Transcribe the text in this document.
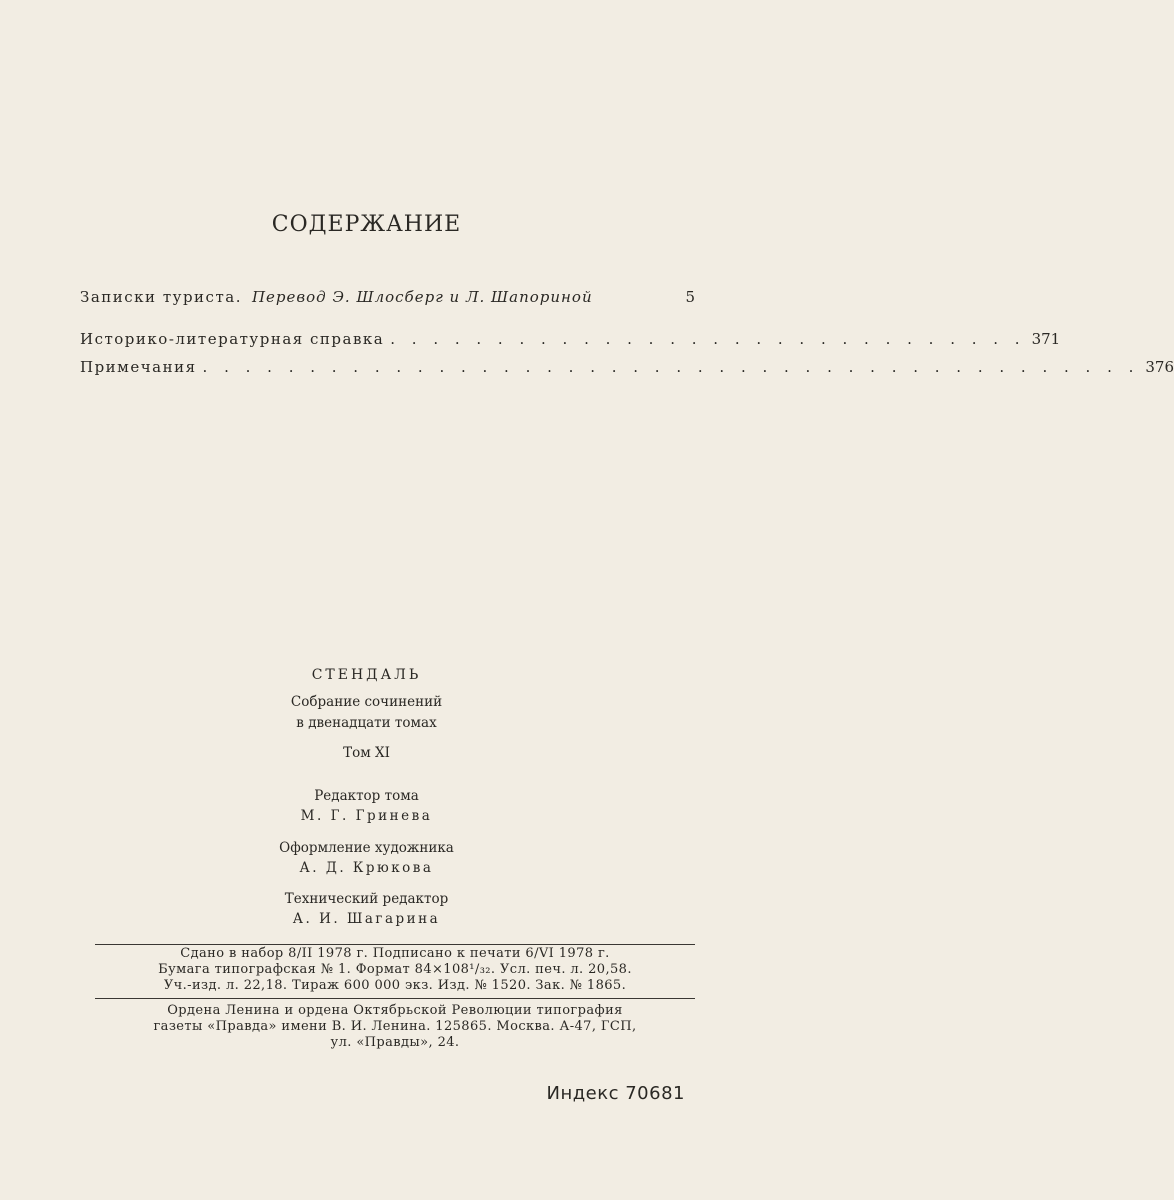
СОДЕРЖАНИЕ
Записки туриста. Перевод Э. Шлосберг и Л. Шапориной	5
Историко-литературная справка . . . . . . . . . . . . . . . . . . . . . . . . . . . . . . 371
Примечания . . . . . . . . . . . . . . . . . . . . . . . . . . . . . . . . . . . . . . . . . . . . 376
СТЕНДАЛЬ
Собрание сочинений
в двенадцати томах
Том XI
Редактор тома
М. Г. Гринева
Оформление художника
А. Д. Крюкова
Технический редактор
А. И. Шагарина
Сдано в набор 8/II 1978 г. Подписано к печати 6/VI 1978 г.
Бумага типографская № 1. Формат 84×108¹/₃₂. Усл. печ. л. 20,58.
Уч.-изд. л. 22,18. Тираж 600 000 экз. Изд. № 1520. Зак. № 1865.
Ордена Ленина и ордена Октябрьской Революции типография
газеты «Правда» имени В. И. Ленина. 125865. Москва. А-47, ГСП,
ул. «Правды», 24.
Индекс 70681
